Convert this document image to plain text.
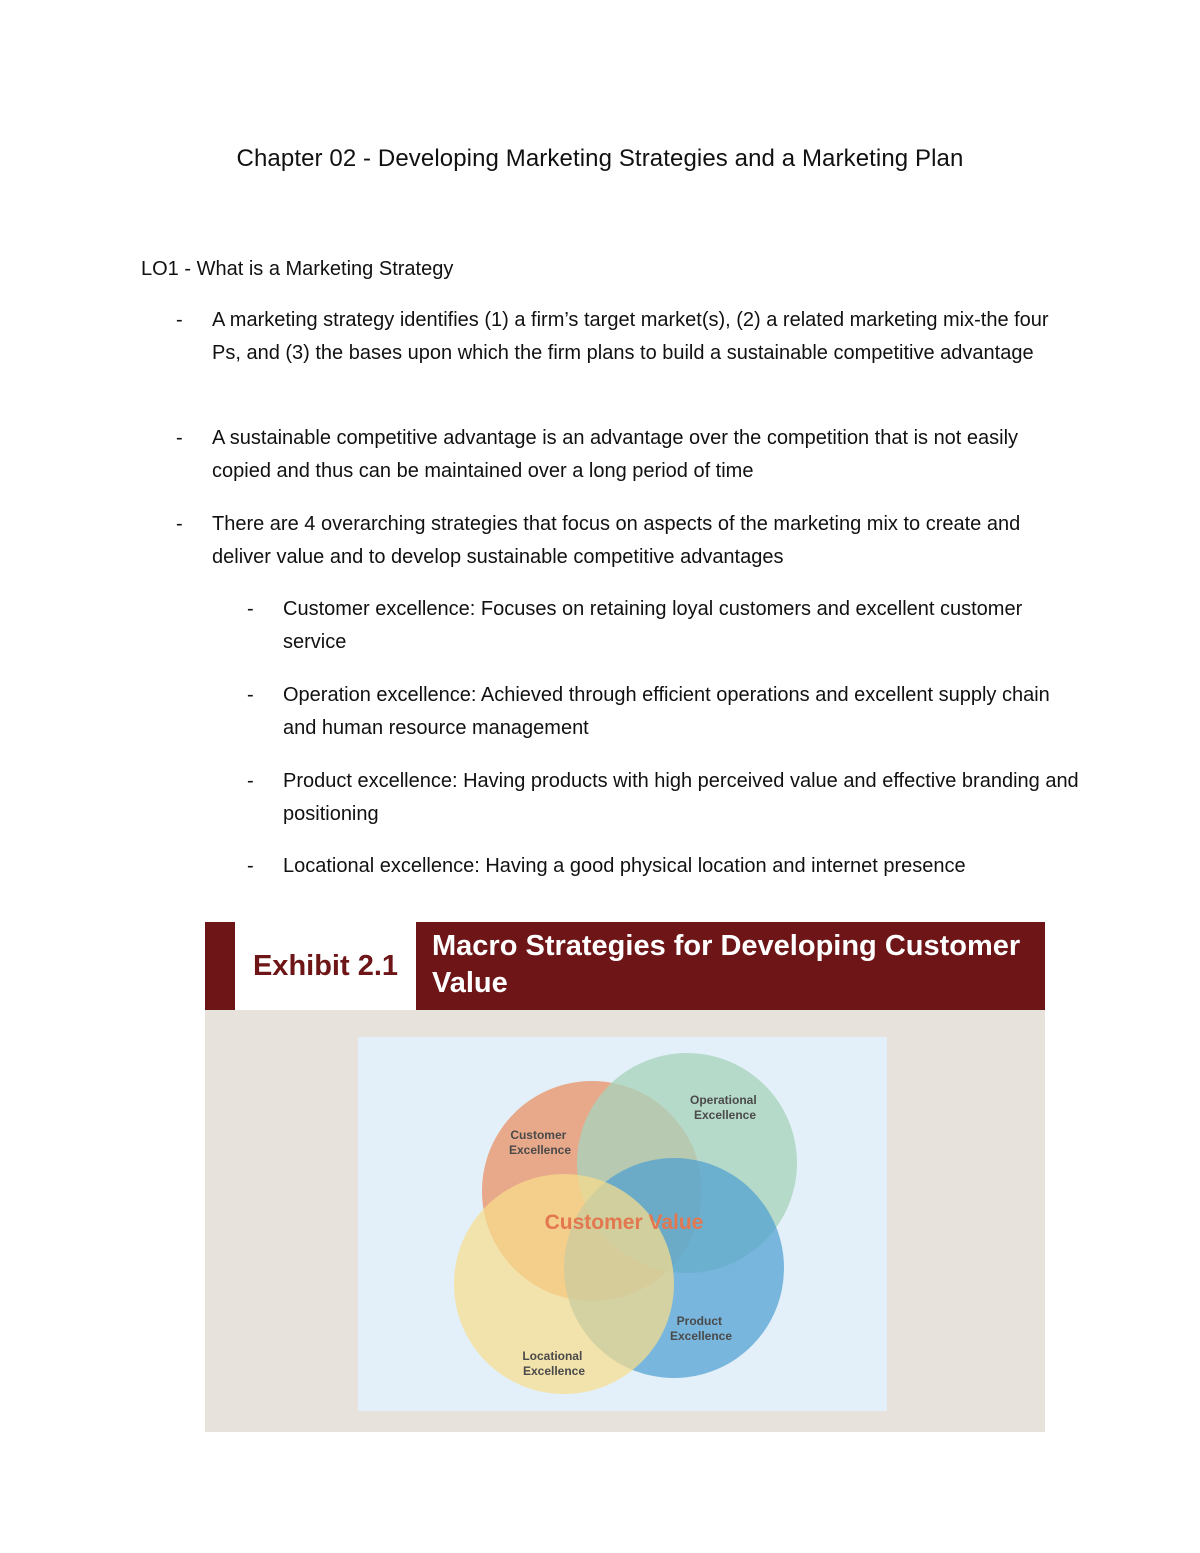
Chapter 02 - Developing Marketing Strategies and a Marketing Plan
LO1 - What is a Marketing Strategy
- A marketing strategy identifies (1) a firm’s target market(s), (2) a related marketing mix-the four Ps, and (3) the bases upon which the firm plans to build a sustainable competitive advantage
- A sustainable competitive advantage is an advantage over the competition that is not easily copied and thus can be maintained over a long period of time
- There are 4 overarching strategies that focus on aspects of the marketing mix to create and deliver value and to develop sustainable competitive advantages
- Customer excellence: Focuses on retaining loyal customers and excellent customer service
- Operation excellence: Achieved through efficient operations and excellent supply chain and human resource management
- Product excellence: Having products with high perceived value and effective branding and positioning
- Locational excellence: Having a good physical location and internet presence
Exhibit 2.1
Macro Strategies for Developing Customer Value
Customer Excellence
Operational Excellence
Product Excellence
Locational Excellence
Customer Value
